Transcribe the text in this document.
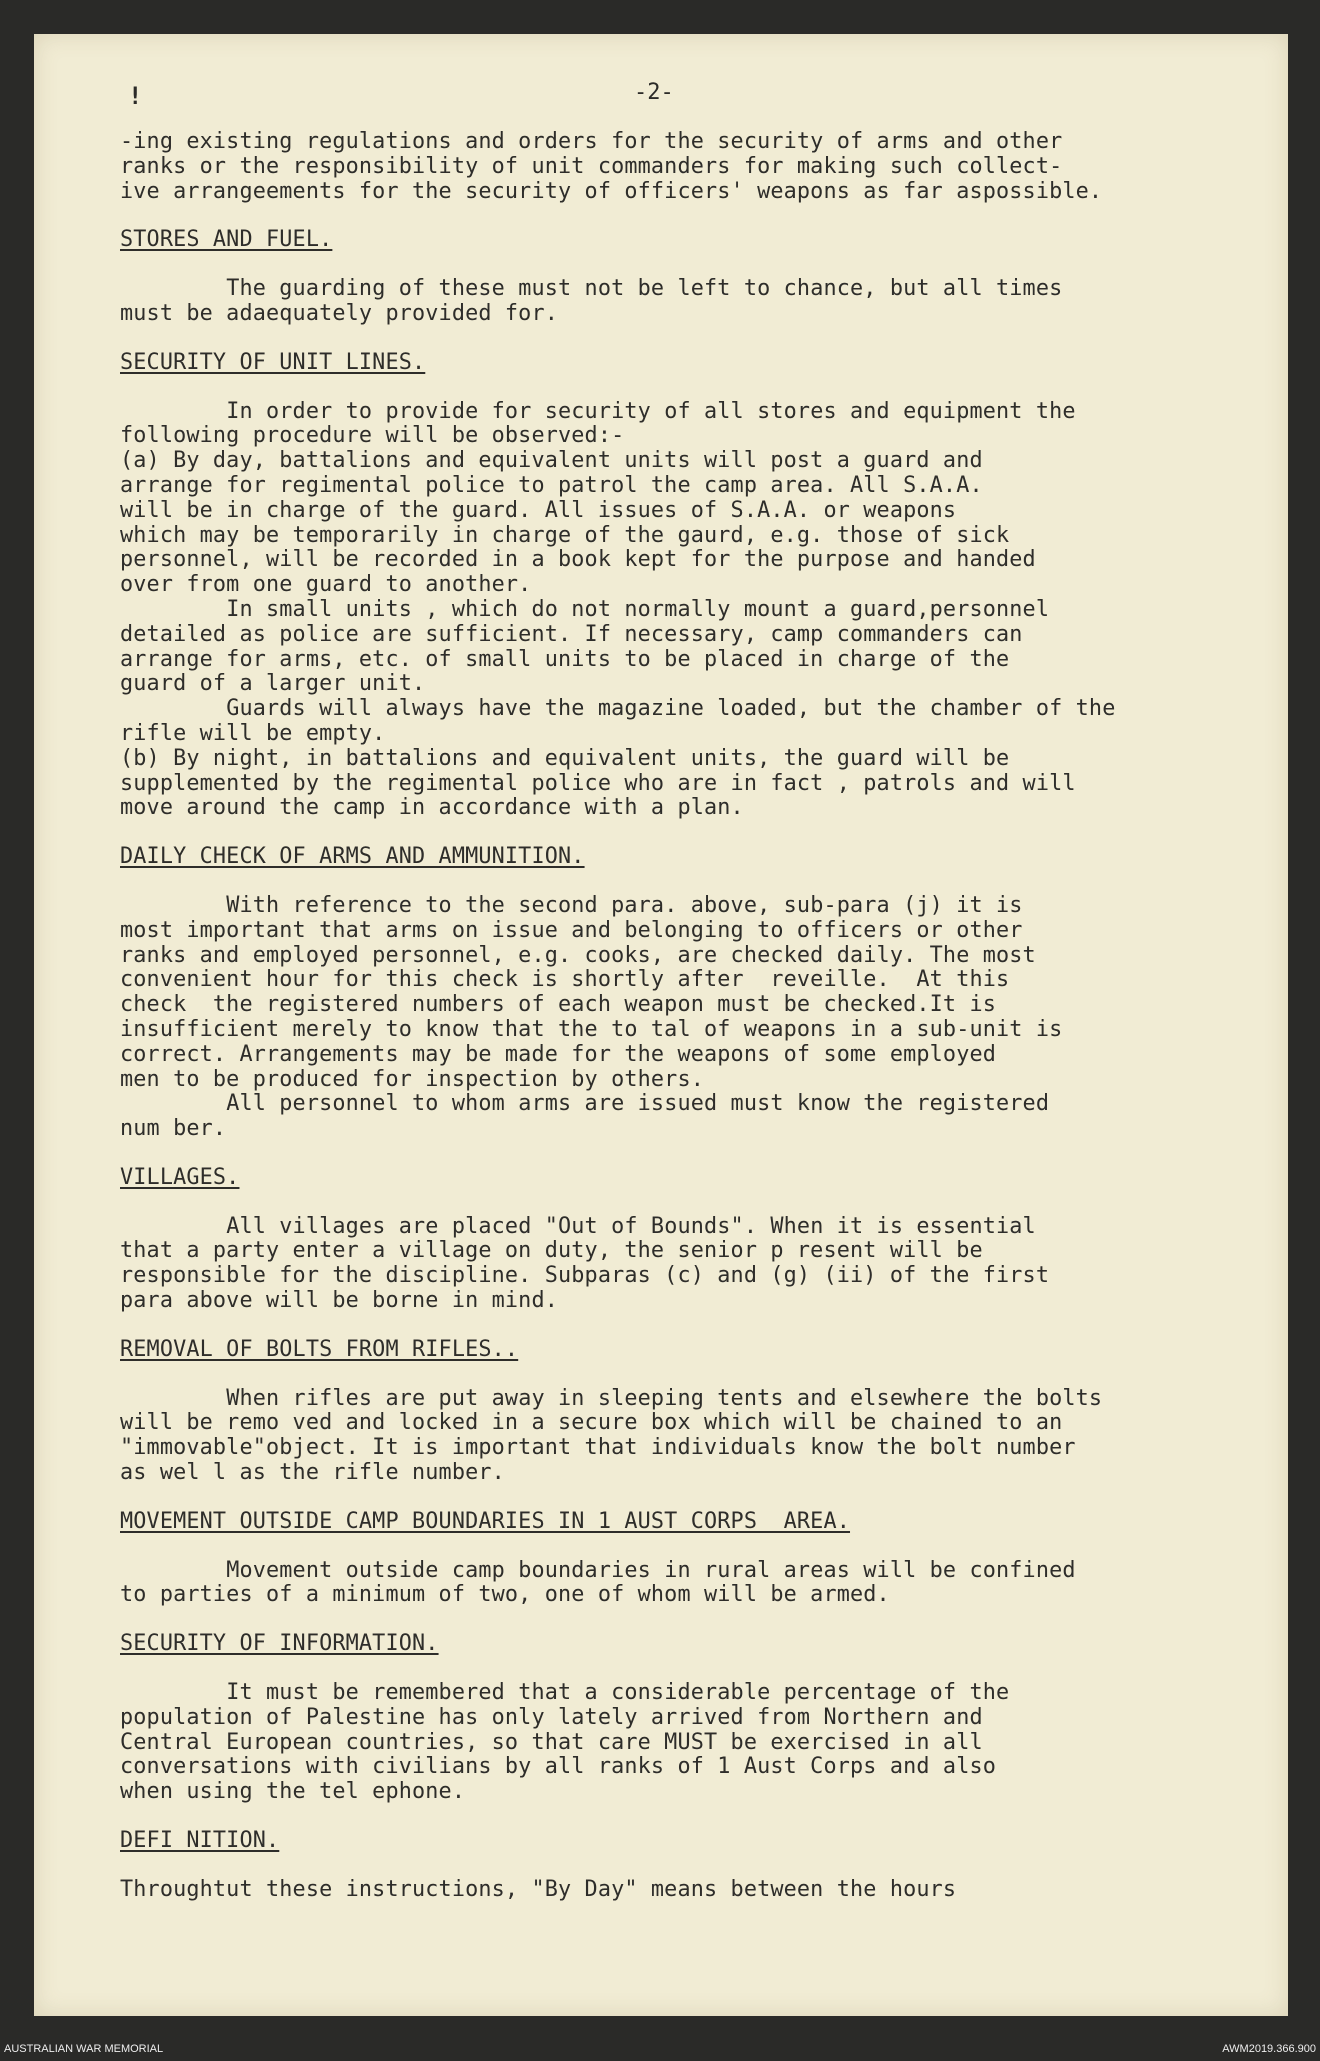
!	-2-

-ing existing regulations and orders for the security of arms and other
ranks or the responsibility of unit commanders for making such collect-
ive arrangeements for the security of officers' weapons as far aspossible.

STORES AND FUEL.

The guarding of these must not be left to chance, but all times
must be adaequately provided for.

SECURITY OF UNIT LINES.

In order to provide for security of all stores and equipment the
following procedure will be observed:-
(a) By day, battalions and equivalent units will post a guard and
arrange for regimental police to patrol the camp area. All S.A.A.
will be in charge of the guard. All issues of S.A.A. or weapons
which may be temporarily in charge of the gaurd, e.g. those of sick
personnel, will be recorded in a book kept for the purpose and handed
over from one guard to another.
In small units , which do not normally mount a guard,personnel
detailed as police are sufficient. If necessary, camp commanders can
arrange for arms, etc. of small units to be placed in charge of the
guard of a larger unit.
Guards will always have the magazine loaded, but the chamber of the
rifle will be empty.
(b) By night, in battalions and equivalent units, the guard will be
supplemented by the regimental police who are in fact , patrols and will
move around the camp in accordance with a plan.

DAILY CHECK OF ARMS AND AMMUNITION.

With reference to the second para. above, sub-para (j) it is
most important that arms on issue and belonging to officers or other
ranks and employed personnel, e.g. cooks, are checked daily. The most
convenient hour for this check is shortly after  reveille.  At this
check  the registered numbers of each weapon must be checked.It is
insufficient merely to know that the to tal of weapons in a sub-unit is
correct. Arrangements may be made for the weapons of some employed
men to be produced for inspection by others.
All personnel to whom arms are issued must know the registered
num ber.

VILLAGES.

All villages are placed "Out of Bounds". When it is essential
that a party enter a village on duty, the senior p resent will be
responsible for the discipline. Subparas (c) and (g) (ii) of the first
para above will be borne in mind.

REMOVAL OF BOLTS FROM RIFLES..

When rifles are put away in sleeping tents and elsewhere the bolts
will be remo ved and locked in a secure box which will be chained to an
"immovable"object. It is important that individuals know the bolt number
as wel l as the rifle number.

MOVEMENT OUTSIDE CAMP BOUNDARIES IN 1 AUST CORPS  AREA.

Movement outside camp boundaries in rural areas will be confined
to parties of a minimum of two, one of whom will be armed.

SECURITY OF INFORMATION.

It must be remembered that a considerable percentage of the
population of Palestine has only lately arrived from Northern and
Central European countries, so that care MUST be exercised in all
conversations with civilians by all ranks of 1 Aust Corps and also
when using the tel ephone.

DEFI NITION.

Throughtut these instructions, "By Day" means between the hours

AUSTRALIAN WAR MEMORIAL	AWM2019.366.900
